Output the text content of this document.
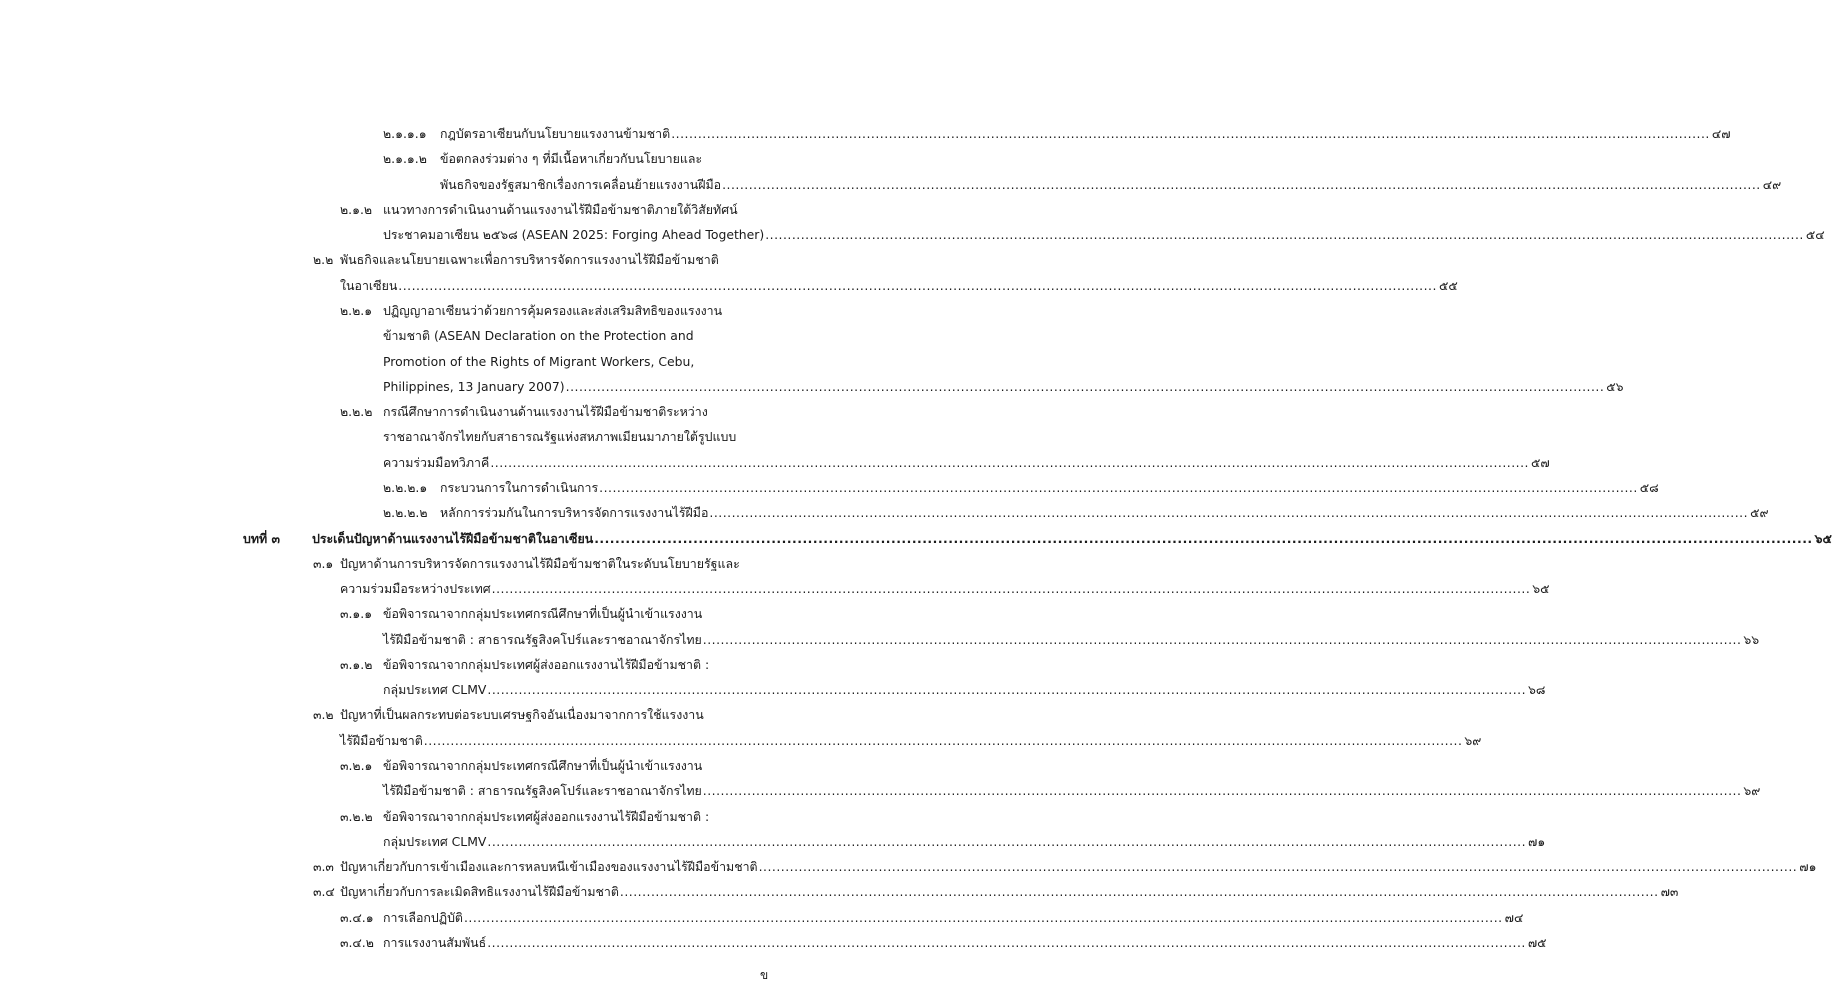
๒.๑.๑.๑ กฎบัตรอาเซียนกับนโยบายแรงงานข้ามชาติ .......................................................................................................................................................................................................................................... ๔๗
๒.๑.๑.๒ ข้อตกลงร่วมต่าง ๆ ที่มีเนื้อหาเกี่ยวกับนโยบายและ
พันธกิจของรัฐสมาชิกเรื่องการเคลื่อนย้ายแรงงานฝีมือ .......................................................................................................................................................................................................................................... ๔๙
๒.๑.๒ แนวทางการดำเนินงานด้านแรงงานไร้ฝีมือข้ามชาติภายใต้วิสัยทัศน์
ประชาคมอาเซียน ๒๕๖๘ (ASEAN 2025: Forging Ahead Together) .......................................................................................................................................................................................................................................... ๕๔
๒.๒ พันธกิจและนโยบายเฉพาะเพื่อการบริหารจัดการแรงงานไร้ฝีมือข้ามชาติ
ในอาเซียน .......................................................................................................................................................................................................................................... ๕๕
๒.๒.๑ ปฏิญญาอาเซียนว่าด้วยการคุ้มครองและส่งเสริมสิทธิของแรงงาน
ข้ามชาติ (ASEAN Declaration on the Protection and
Promotion of the Rights of Migrant Workers, Cebu,
Philippines, 13 January 2007) .......................................................................................................................................................................................................................................... ๕๖
๒.๒.๒ กรณีศึกษาการดำเนินงานด้านแรงงานไร้ฝีมือข้ามชาติระหว่าง
ราชอาณาจักรไทยกับสาธารณรัฐแห่งสหภาพเมียนมาภายใต้รูปแบบ
ความร่วมมือทวิภาคี .......................................................................................................................................................................................................................................... ๕๗
๒.๒.๒.๑ กระบวนการในการดำเนินการ .......................................................................................................................................................................................................................................... ๕๘
๒.๒.๒.๒ หลักการร่วมกันในการบริหารจัดการแรงงานไร้ฝีมือ .......................................................................................................................................................................................................................................... ๕๙
บทที่ ๓	ประเด็นปัญหาด้านแรงงานไร้ฝีมือข้ามชาติในอาเซียน .......................................................................................................................................................................................................................................... ๖๕
๓.๑ ปัญหาด้านการบริหารจัดการแรงงานไร้ฝีมือข้ามชาติในระดับนโยบายรัฐและ
ความร่วมมือระหว่างประเทศ .......................................................................................................................................................................................................................................... ๖๕
๓.๑.๑ ข้อพิจารณาจากกลุ่มประเทศกรณีศึกษาที่เป็นผู้นำเข้าแรงงาน
ไร้ฝีมือข้ามชาติ : สาธารณรัฐสิงคโปร์และราชอาณาจักรไทย .......................................................................................................................................................................................................................................... ๖๖
๓.๑.๒ ข้อพิจารณาจากกลุ่มประเทศผู้ส่งออกแรงงานไร้ฝีมือข้ามชาติ :
กลุ่มประเทศ CLMV .......................................................................................................................................................................................................................................... ๖๘
๓.๒ ปัญหาที่เป็นผลกระทบต่อระบบเศรษฐกิจอันเนื่องมาจากการใช้แรงงาน
ไร้ฝีมือข้ามชาติ .......................................................................................................................................................................................................................................... ๖๙
๓.๒.๑ ข้อพิจารณาจากกลุ่มประเทศกรณีศึกษาที่เป็นผู้นำเข้าแรงงาน
ไร้ฝีมือข้ามชาติ : สาธารณรัฐสิงคโปร์และราชอาณาจักรไทย .......................................................................................................................................................................................................................................... ๖๙
๓.๒.๒ ข้อพิจารณาจากกลุ่มประเทศผู้ส่งออกแรงงานไร้ฝีมือข้ามชาติ :
กลุ่มประเทศ CLMV .......................................................................................................................................................................................................................................... ๗๑
๓.๓ ปัญหาเกี่ยวกับการเข้าเมืองและการหลบหนีเข้าเมืองของแรงงานไร้ฝีมือข้ามชาติ .......................................................................................................................................................................................................................................... ๗๑
๓.๔ ปัญหาเกี่ยวกับการละเมิดสิทธิแรงงานไร้ฝีมือข้ามชาติ .......................................................................................................................................................................................................................................... ๗๓
๓.๔.๑ การเลือกปฏิบัติ .......................................................................................................................................................................................................................................... ๗๔
๓.๔.๒ การแรงงานสัมพันธ์ .......................................................................................................................................................................................................................................... ๗๕
ข
